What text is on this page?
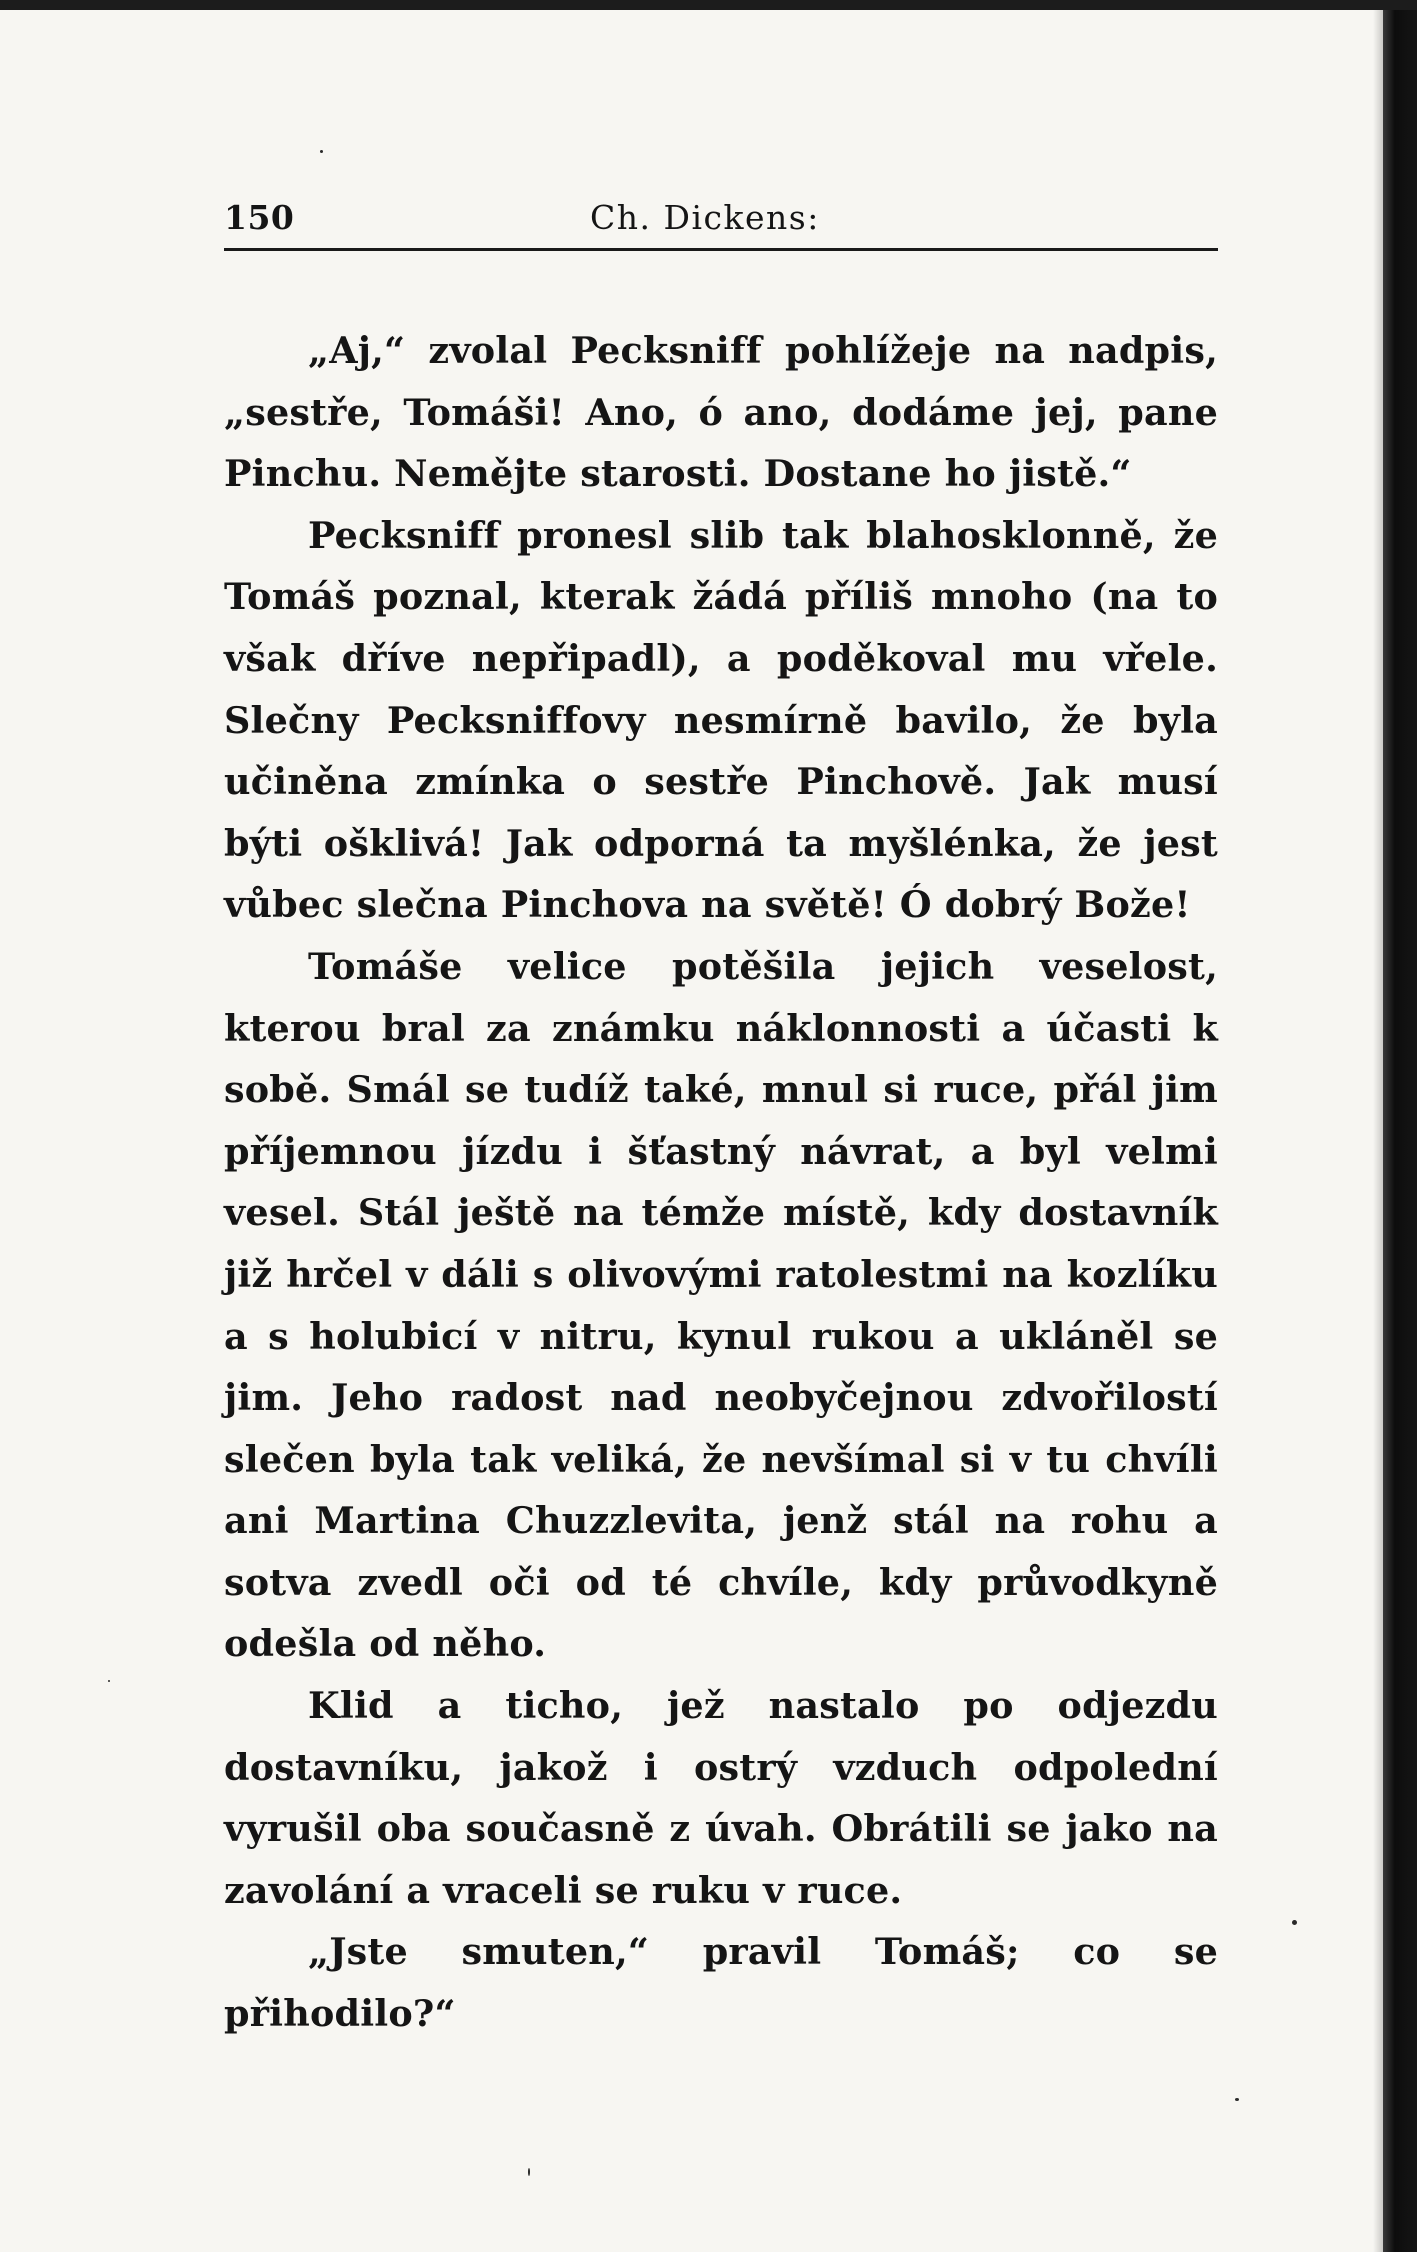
150	Ch. Dickens:

„Aj,“ zvolal Pecksniff pohlížeje na nadpis, „sestře, Tomáši! Ano, ó ano, dodáme jej, pane Pinchu. Nemějte starosti. Dostane ho jistě.“

Pecksniff pronesl slib tak blahosklonně, že Tomáš poznal, kterak žádá příliš mnoho (na to však dříve nepřipadl), a poděkoval mu vřele. Slečny Pecksniffovy nesmírně bavilo, že byla učiněna zmínka o sestře Pinchově. Jak musí býti ošklivá! Jak odporná ta myšlénka, že jest vůbec slečna Pinchova na světě! Ó dobrý Bože!

Tomáše velice potěšila jejich veselost, kterou bral za známku náklonnosti a účasti k sobě. Smál se tudíž také, mnul si ruce, přál jim příjemnou jízdu i šťastný návrat, a byl velmi vesel. Stál ještě na témže místě, kdy dostavník již hrčel v dáli s olivovými ratolestmi na kozlíku a s holubicí v nitru, kynul rukou a ukláněl se jim. Jeho radost nad neobyčejnou zdvořilostí slečen byla tak veliká, že nevšímal si v tu chvíli ani Martina Chuzzlevita, jenž stál na rohu a sotva zvedl oči od té chvíle, kdy průvodkyně odešla od něho.

Klid a ticho, jež nastalo po odjezdu dostavníku, jakož i ostrý vzduch odpolední vyrušil oba současně z úvah. Obrátili se jako na zavolání a vraceli se ruku v ruce.

„Jste smuten,“ pravil Tomáš; co se přihodilo?“
